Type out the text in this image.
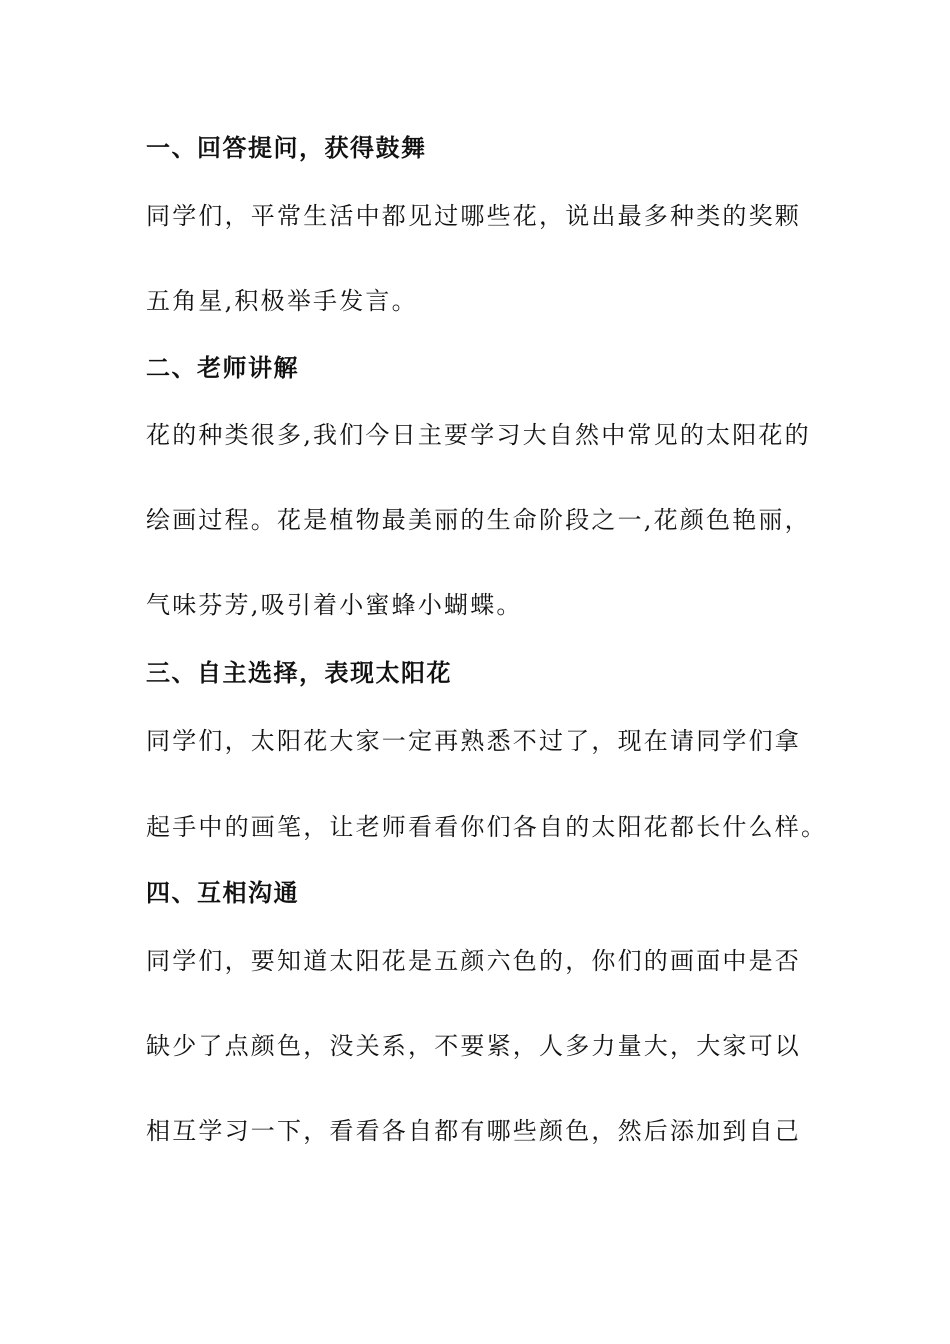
一、回答提问，获得鼓舞
同学们，平常生活中都见过哪些花，说出最多种类的奖颗
五角星,积极举手发言。
二、老师讲解
花的种类很多,我们今日主要学习大自然中常见的太阳花的
绘画过程。花是植物最美丽的生命阶段之一,花颜色艳丽，
气味芬芳,吸引着小蜜蜂小蝴蝶。
三、自主选择，表现太阳花
同学们，太阳花大家一定再熟悉不过了，现在请同学们拿
起手中的画笔，让老师看看你们各自的太阳花都长什么样。
四、互相沟通
同学们，要知道太阳花是五颜六色的，你们的画面中是否
缺少了点颜色，没关系，不要紧，人多力量大，大家可以
相互学习一下，看看各自都有哪些颜色，然后添加到自己
